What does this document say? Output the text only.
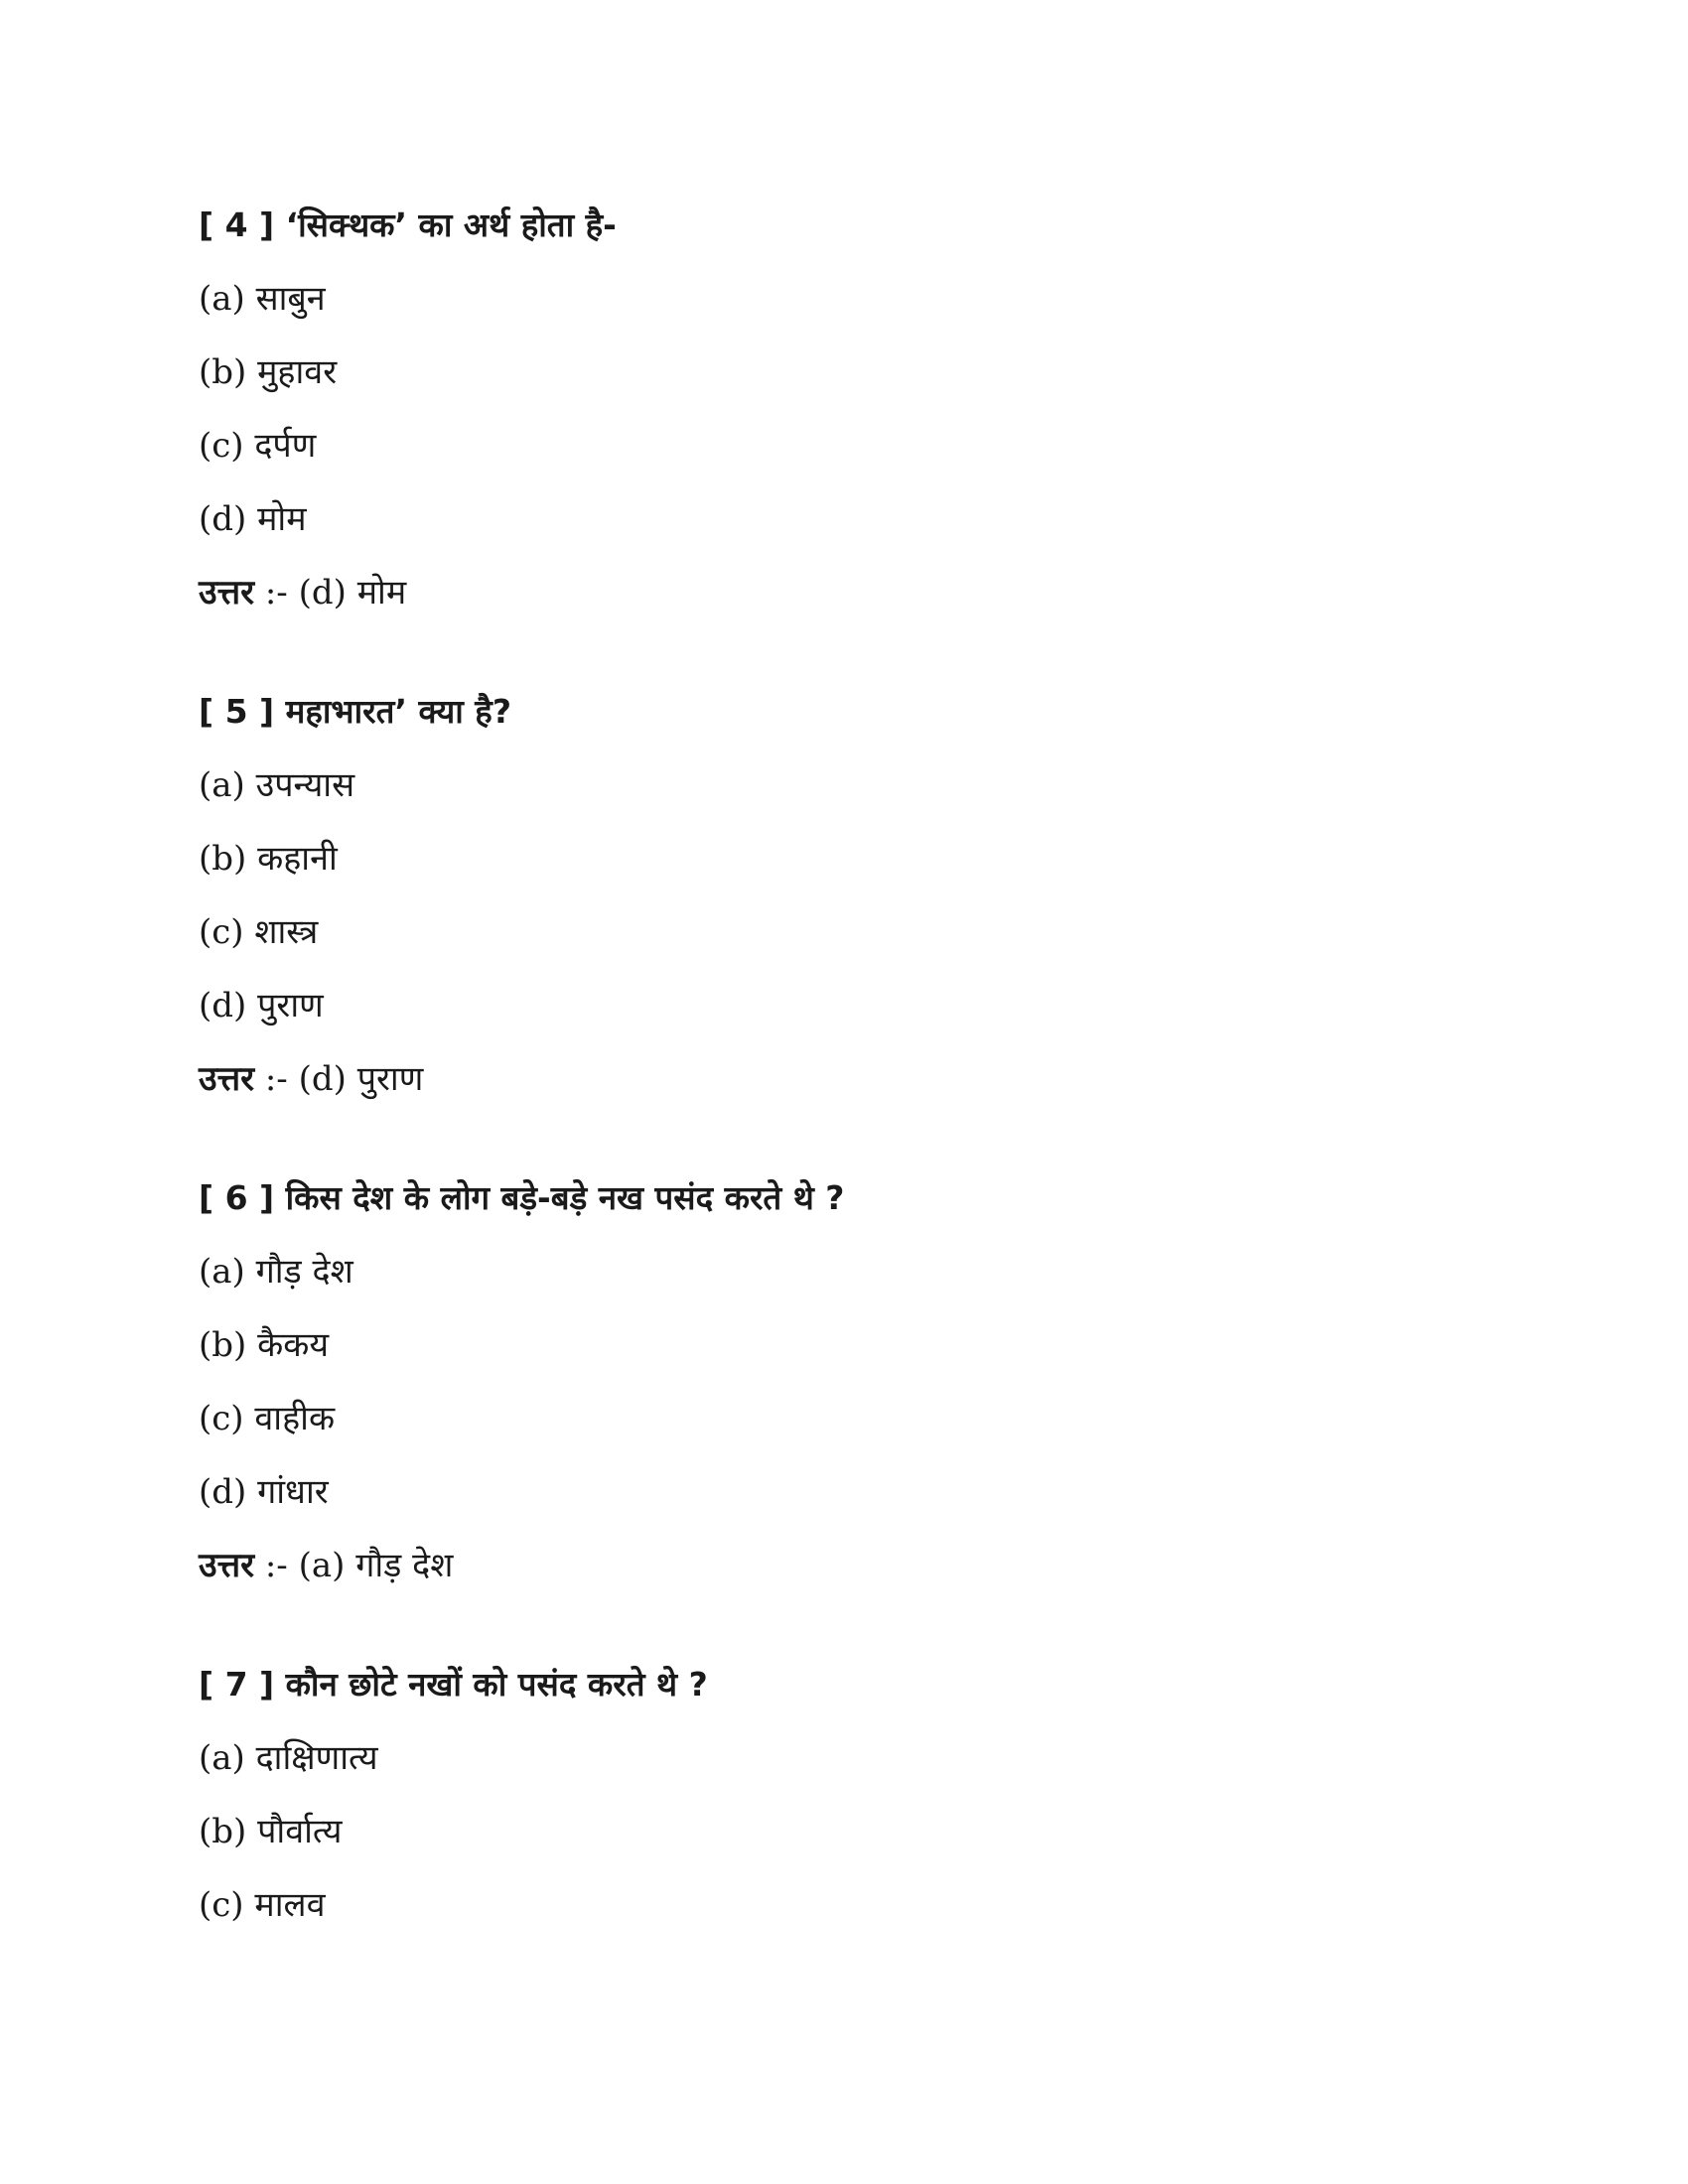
[ 4 ] ‘सिक्थक’ का अर्थ होता है-

(a) साबुन

(b) मुहावर

(c) दर्पण

(d) मोम

उत्तर :- (d) मोम

[ 5 ] महाभारत’ क्या है?

(a) उपन्यास

(b) कहानी

(c) शास्त्र

(d) पुराण

उत्तर :- (d) पुराण

[ 6 ] किस देश के लोग बड़े-बड़े नख पसंद करते थे ?

(a) गौड़ देश

(b) कैकय

(c) वाहीक

(d) गांधार

उत्तर :- (a) गौड़ देश

[ 7 ] कौन छोटे नखों को पसंद करते थे ?

(a) दाक्षिणात्य

(b) पौर्वात्य

(c) मालव
